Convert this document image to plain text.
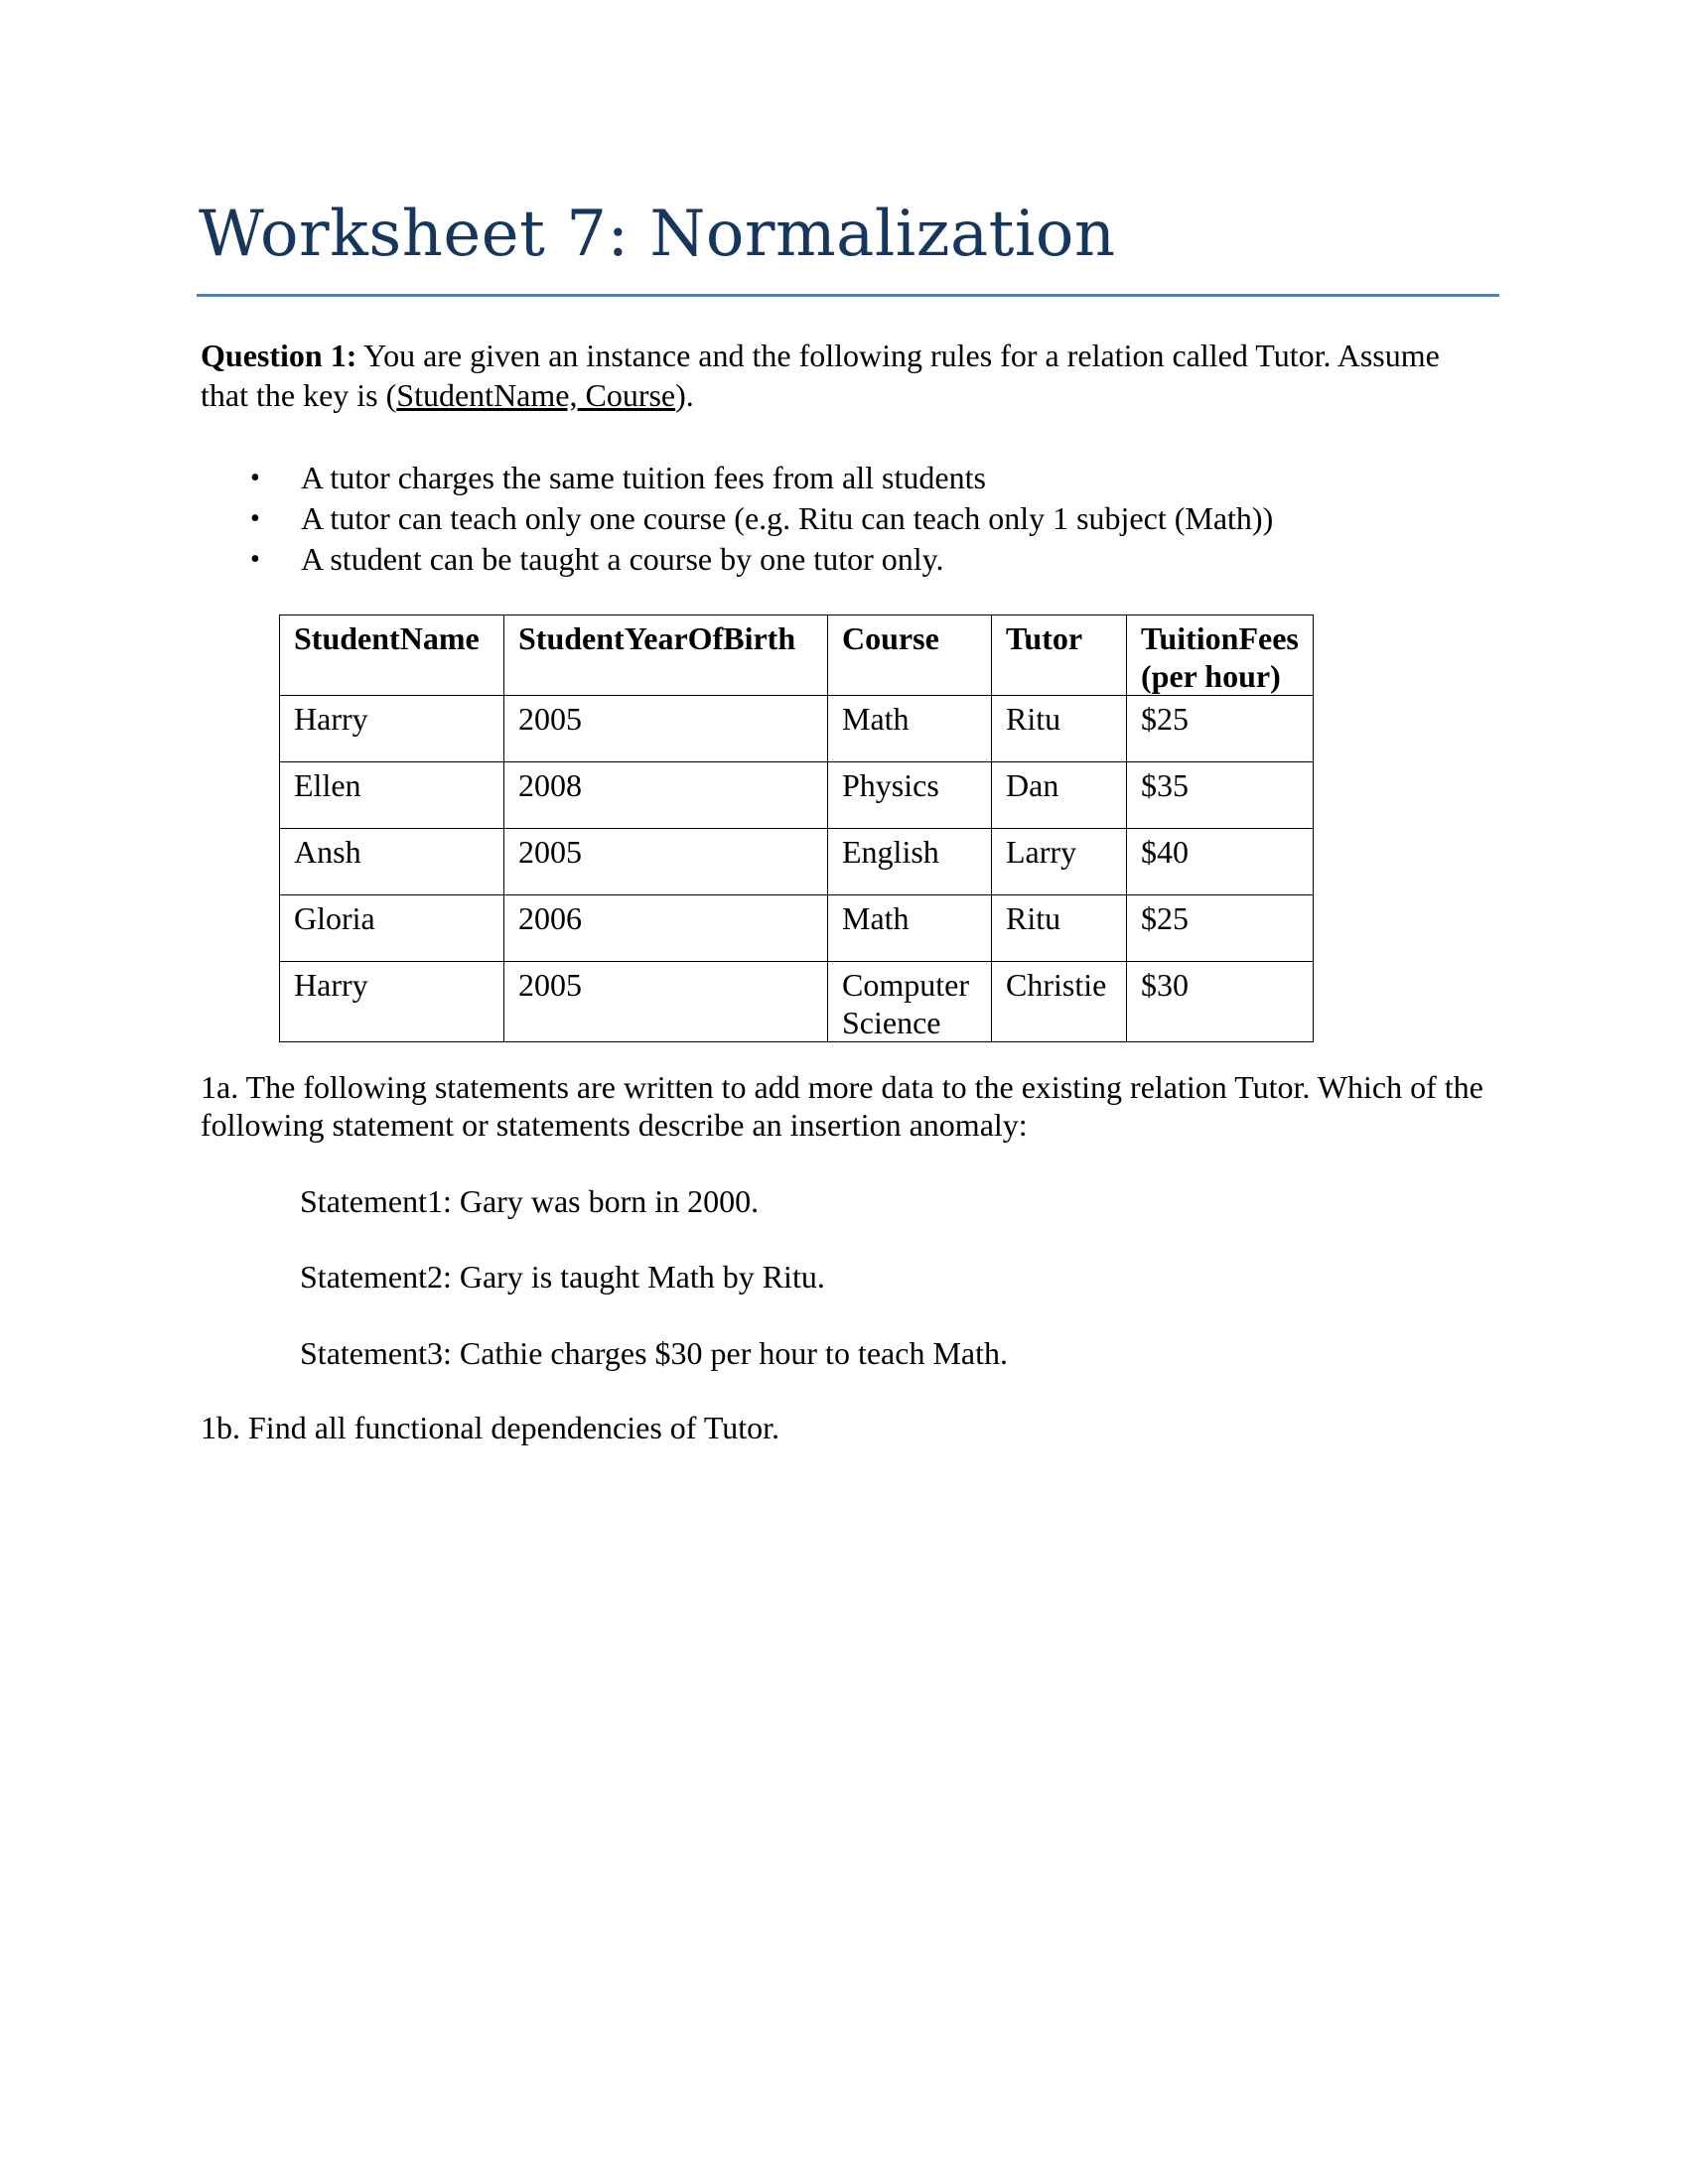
Worksheet 7: Normalization

Question 1: You are given an instance and the following rules for a relation called Tutor. Assume that the key is (StudentName, Course).

• A tutor charges the same tuition fees from all students
• A tutor can teach only one course (e.g. Ritu can teach only 1 subject (Math))
• A student can be taught a course by one tutor only.
StudentName	StudentYearOfBirth	Course	Tutor	TuitionFees (per hour)
Harry	2005	Math	Ritu	$25
Ellen	2008	Physics	Dan	$35
Ansh	2005	English	Larry	$40
Gloria	2006	Math	Ritu	$25
Harry	2005	Computer Science	Christie	$30

1a. The following statements are written to add more data to the existing relation Tutor. Which of the following statement or statements describe an insertion anomaly:

Statement1: Gary was born in 2000.

Statement2: Gary is taught Math by Ritu.

Statement3: Cathie charges $30 per hour to teach Math.

1b. Find all functional dependencies of Tutor.
